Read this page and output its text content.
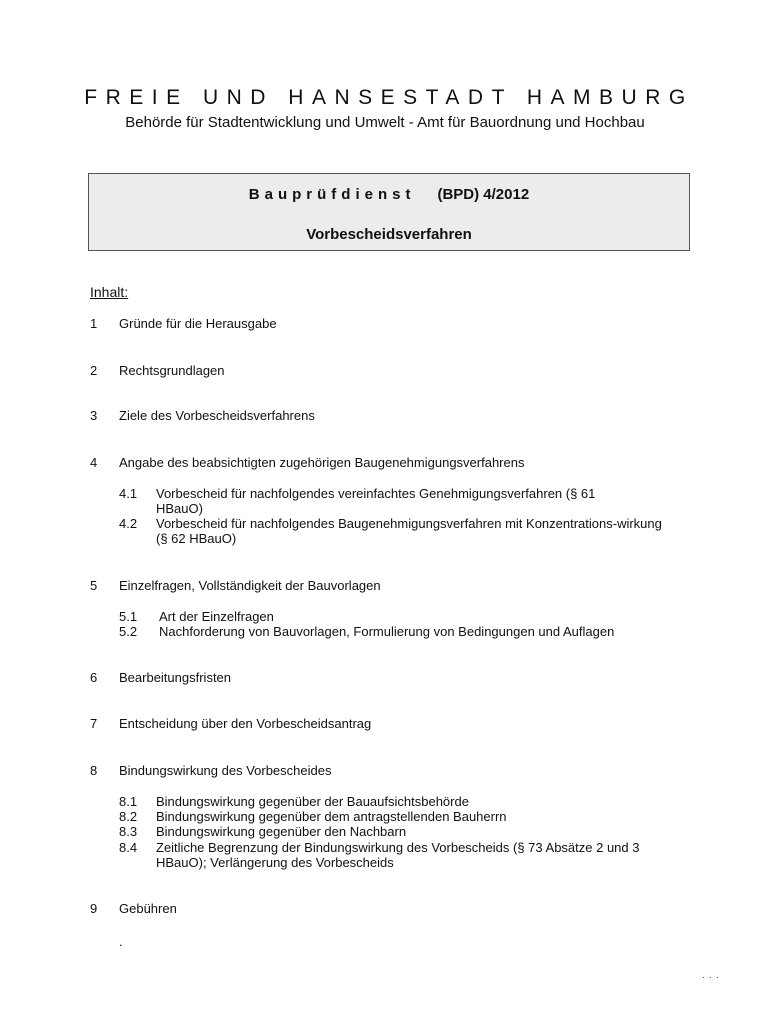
FREIE UND HANSESTADT HAMBURG
Behörde für Stadtentwicklung und Umwelt - Amt für Bauordnung und Hochbau
Bauprüfdienst (BPD) 4/2012
Vorbescheidsverfahren
Inhalt:
1 Gründe für die Herausgabe
2 Rechtsgrundlagen
3 Ziele des Vorbescheidsverfahrens
4 Angabe des beabsichtigten zugehörigen Baugenehmigungsverfahrens
4.1 Vorbescheid für nachfolgendes vereinfachtes Genehmigungsverfahren (§ 61 HBauO)
4.2 Vorbescheid für nachfolgendes Baugenehmigungsverfahren mit Konzentrations-wirkung (§ 62 HBauO)
5 Einzelfragen, Vollständigkeit der Bauvorlagen
5.1 Art der Einzelfragen
5.2 Nachforderung von Bauvorlagen, Formulierung von Bedingungen und Auflagen
6 Bearbeitungsfristen
7 Entscheidung über den Vorbescheidsantrag
8 Bindungswirkung des Vorbescheides
8.1 Bindungswirkung gegenüber der Bauaufsichtsbehörde
8.2 Bindungswirkung gegenüber dem antragstellenden Bauherrn
8.3 Bindungswirkung gegenüber den Nachbarn
8.4 Zeitliche Begrenzung der Bindungswirkung des Vorbescheids (§ 73 Absätze 2 und 3 HBauO); Verlängerung des Vorbescheids
9 Gebühren
.
. . .
